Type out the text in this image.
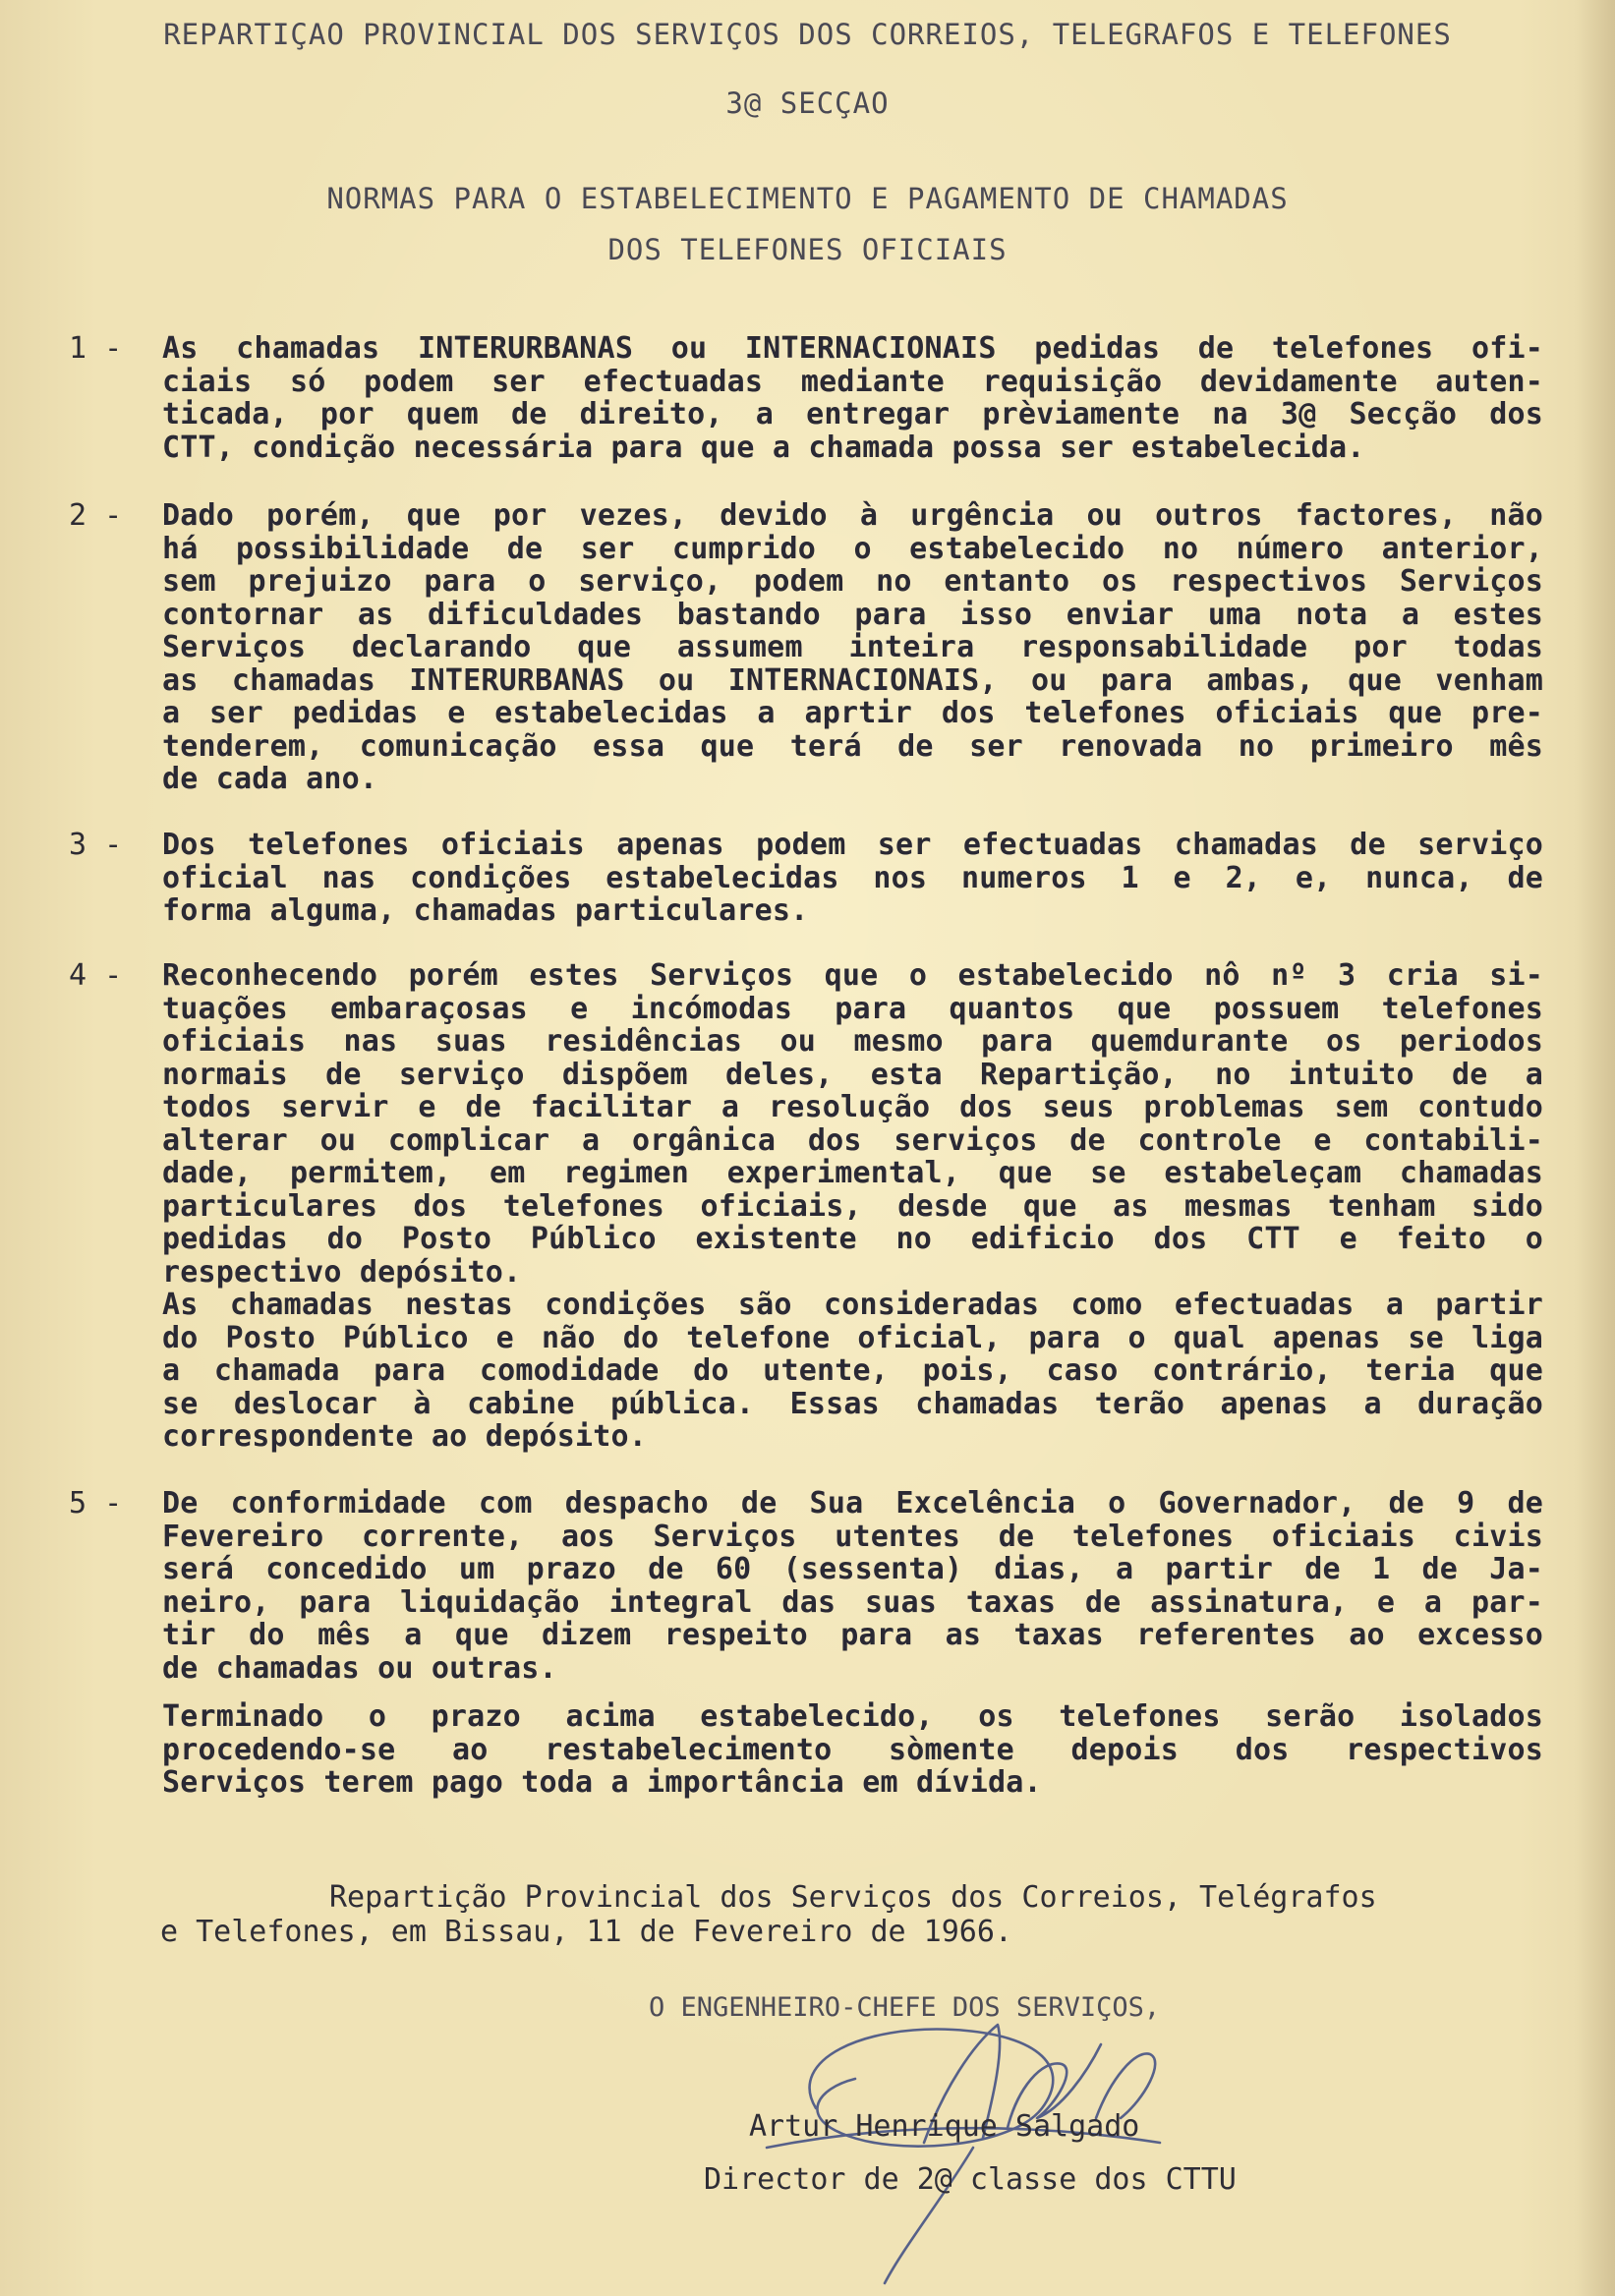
REPARTIÇAO PROVINCIAL DOS SERVIÇOS DOS CORREIOS, TELEGRAFOS E TELEFONES
3@ SECÇAO
NORMAS PARA O ESTABELECIMENTO E PAGAMENTO DE CHAMADAS
DOS TELEFONES OFICIAIS
1 -	As chamadas INTERURBANAS ou INTERNACIONAIS pedidas de telefones ofi-
ciais só podem ser efectuadas mediante requisição devidamente auten-
ticada, por quem de direito, a entregar prèviamente na 3@ Secção dos
CTT, condição necessária para que a chamada possa ser estabelecida.
2 -	Dado porém, que por vezes, devido à urgência ou outros factores, não
há possibilidade de ser cumprido o estabelecido no número anterior,
sem prejuizo para o serviço, podem no entanto os respectivos Serviços
contornar as dificuldades bastando para isso enviar uma nota a estes
Serviços declarando que assumem inteira responsabilidade por todas
as chamadas INTERURBANAS ou INTERNACIONAIS, ou para ambas, que venham
a ser pedidas e estabelecidas a aprtir dos telefones oficiais que pre-
tenderem, comunicação essa que terá de ser renovada no primeiro mês
de cada ano.
3 -	Dos telefones oficiais apenas podem ser efectuadas chamadas de serviço
oficial nas condições estabelecidas nos numeros 1 e 2, e, nunca, de
forma alguma, chamadas particulares.
4 -	Reconhecendo porém estes Serviços que o estabelecido nô nº 3 cria si-
tuações embaraçosas e incómodas para quantos que possuem telefones
oficiais nas suas residências ou mesmo para quemdurante os periodos
normais de serviço dispõem deles, esta Repartição, no intuito de a
todos servir e de facilitar a resolução dos seus problemas sem contudo
alterar ou complicar a orgânica dos serviços de controle e contabili-
dade, permitem, em regimen experimental, que se estabeleçam chamadas
particulares dos telefones oficiais, desde que as mesmas tenham sido
pedidas do Posto Público existente no edificio dos CTT e feito o
respectivo depósito.
As chamadas nestas condições são consideradas como efectuadas a partir
do Posto Público e não do telefone oficial, para o qual apenas se liga
a chamada para comodidade do utente, pois, caso contrário, teria que
se deslocar à cabine pública. Essas chamadas terão apenas a duração
correspondente ao depósito.
5 -	De conformidade com despacho de Sua Excelência o Governador, de 9 de
Fevereiro corrente, aos Serviços utentes de telefones oficiais civis
será concedido um prazo de 60 (sessenta) dias, a partir de 1 de Ja-
neiro, para liquidação integral das suas taxas de assinatura, e a par-
tir do mês a que dizem respeito para as taxas referentes ao excesso
de chamadas ou outras.
Terminado o prazo acima estabelecido, os telefones serão isolados
procedendo-se ao restabelecimento sòmente depois dos respectivos
Serviços terem pago toda a importância em dívida.
Repartição Provincial dos Serviços dos Correios, Telégrafos
e Telefones, em Bissau, 11 de Fevereiro de 1966.
O ENGENHEIRO-CHEFE DOS SERVIÇOS,
Artur Henrique Salgado
Director de 2@ classe dos CTTU
